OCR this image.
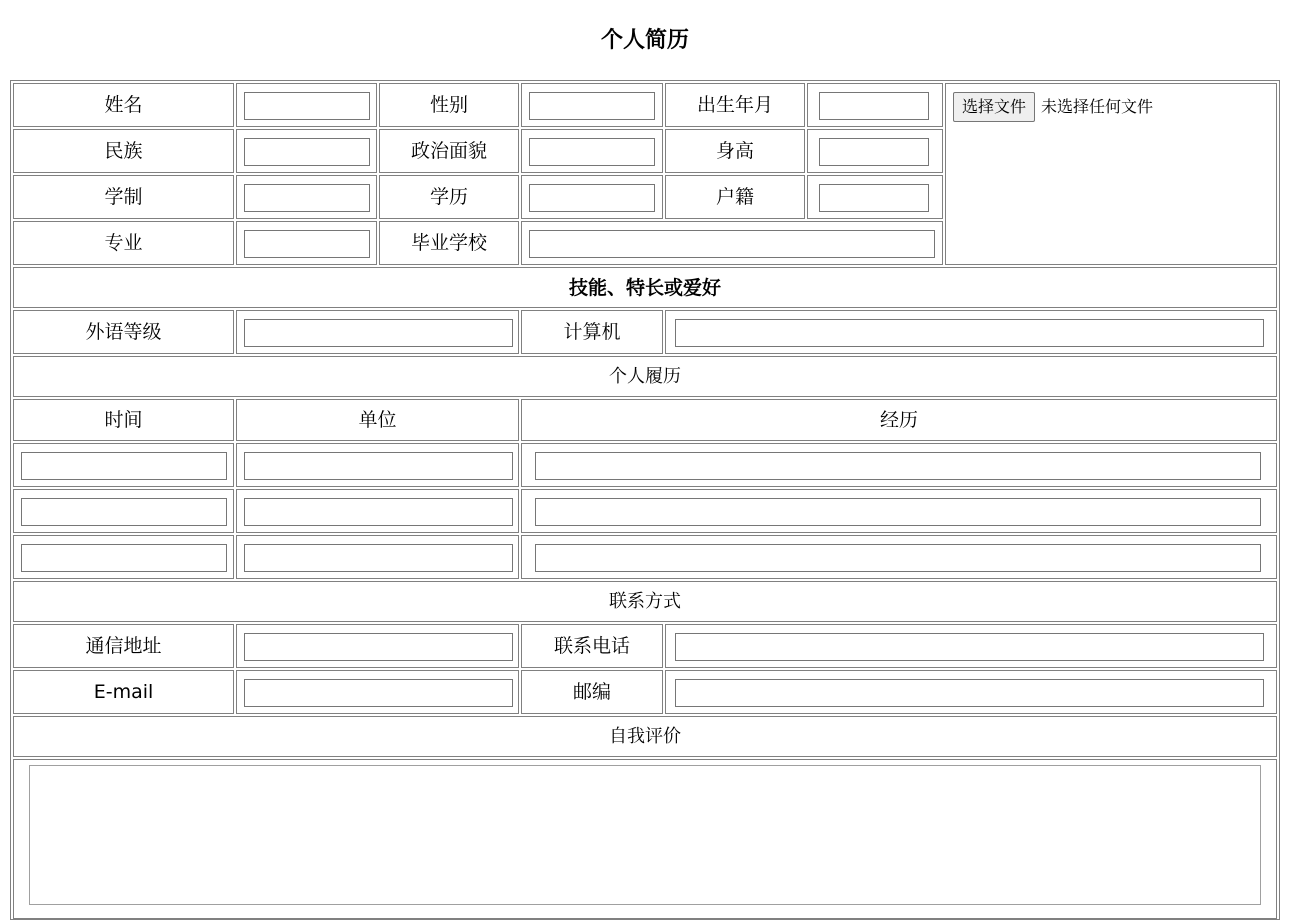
个人简历
姓名	性别	出生年月	选择文件 未选择任何文件
民族	政治面貌	身高
学制	学历	户籍
专业	毕业学校
技能、特长或爱好
外语等级	计算机
个人履历
时间	单位	经历
联系方式
通信地址	联系电话
E-mail	邮编
自我评价
